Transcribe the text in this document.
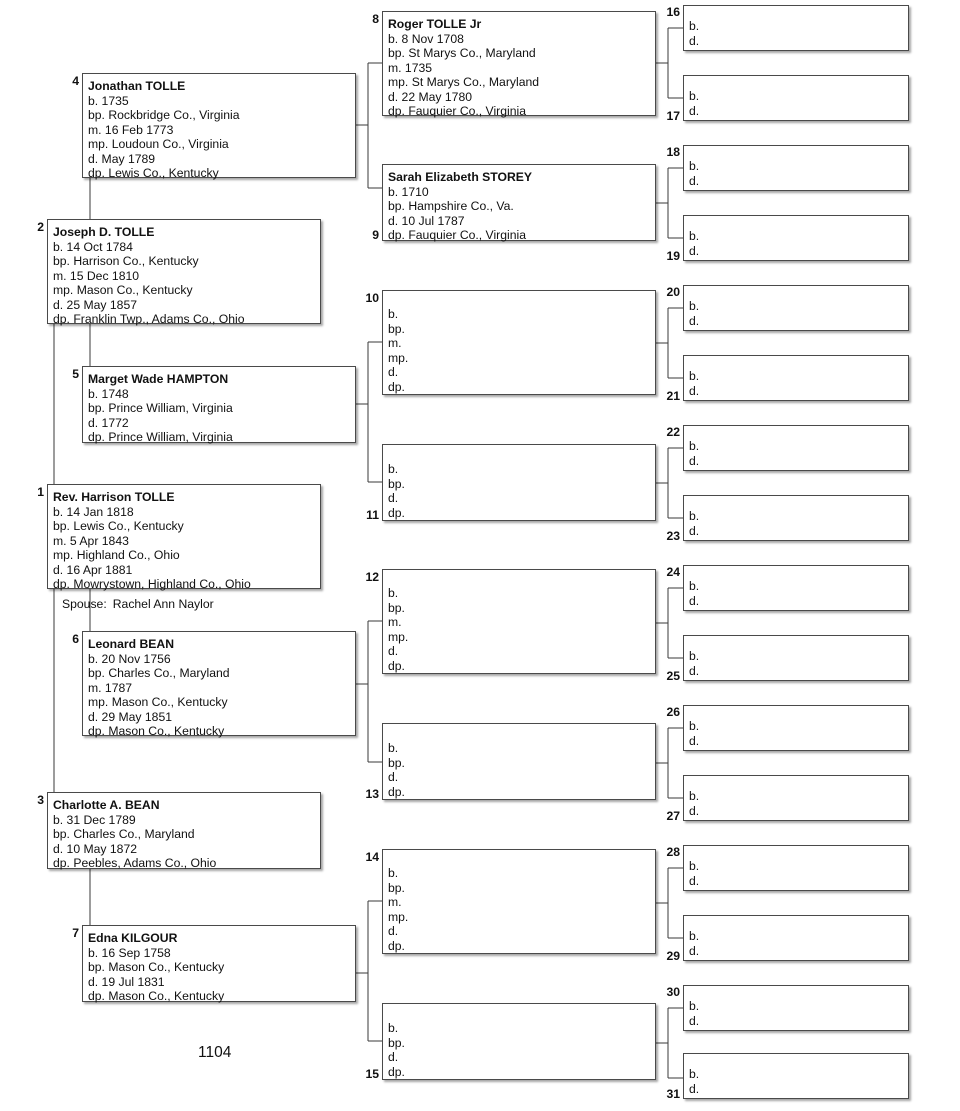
Rev. Harrison TOLLE
b. 14 Jan 1818
bp. Lewis Co., Kentucky
m. 5 Apr 1843
mp. Highland Co., Ohio
d. 16 Apr 1881
dp. Mowrystown, Highland Co., Ohio
1
Joseph D. TOLLE
b. 14 Oct 1784
bp. Harrison Co., Kentucky
m. 15 Dec 1810
mp. Mason Co., Kentucky
d. 25 May 1857
dp. Franklin Twp., Adams Co., Ohio
2
Charlotte A. BEAN
b. 31 Dec 1789
bp. Charles Co., Maryland
d. 10 May 1872
dp. Peebles, Adams Co., Ohio
3
Jonathan TOLLE
b. 1735
bp. Rockbridge Co., Virginia
m. 16 Feb 1773
mp. Loudoun Co., Virginia
d. May 1789
dp. Lewis Co., Kentucky
4
Marget Wade HAMPTON
b. 1748
bp. Prince William, Virginia
d. 1772
dp. Prince William, Virginia
5
Leonard BEAN
b. 20 Nov 1756
bp. Charles Co., Maryland
m. 1787
mp. Mason Co., Kentucky
d. 29 May 1851
dp. Mason Co., Kentucky
6
Edna KILGOUR
b. 16 Sep 1758
bp. Mason Co., Kentucky
d. 19 Jul 1831
dp. Mason Co., Kentucky
7
Roger TOLLE Jr
b. 8 Nov 1708
bp. St Marys Co., Maryland
m. 1735
mp. St Marys Co., Maryland
d. 22 May 1780
dp. Fauquier Co., Virginia
8
Sarah Elizabeth STOREY
b. 1710
bp. Hampshire Co., Va.
d. 10 Jul 1787
dp. Fauquier Co., Virginia
9
b.
bp.
m.
mp.
d.
dp.
10
b.
bp.
d.
dp.
11
b.
bp.
m.
mp.
d.
dp.
12
b.
bp.
d.
dp.
13
b.
bp.
m.
mp.
d.
dp.
14
b.
bp.
d.
dp.
15
b.
d.
16
b.
d.
17
b.
d.
18
b.
d.
19
b.
d.
20
b.
d.
21
b.
d.
22
b.
d.
23
b.
d.
24
b.
d.
25
b.
d.
26
b.
d.
27
b.
d.
28
b.
d.
29
b.
d.
30
b.
d.
31
Spouse: Rachel Ann Naylor
1104
